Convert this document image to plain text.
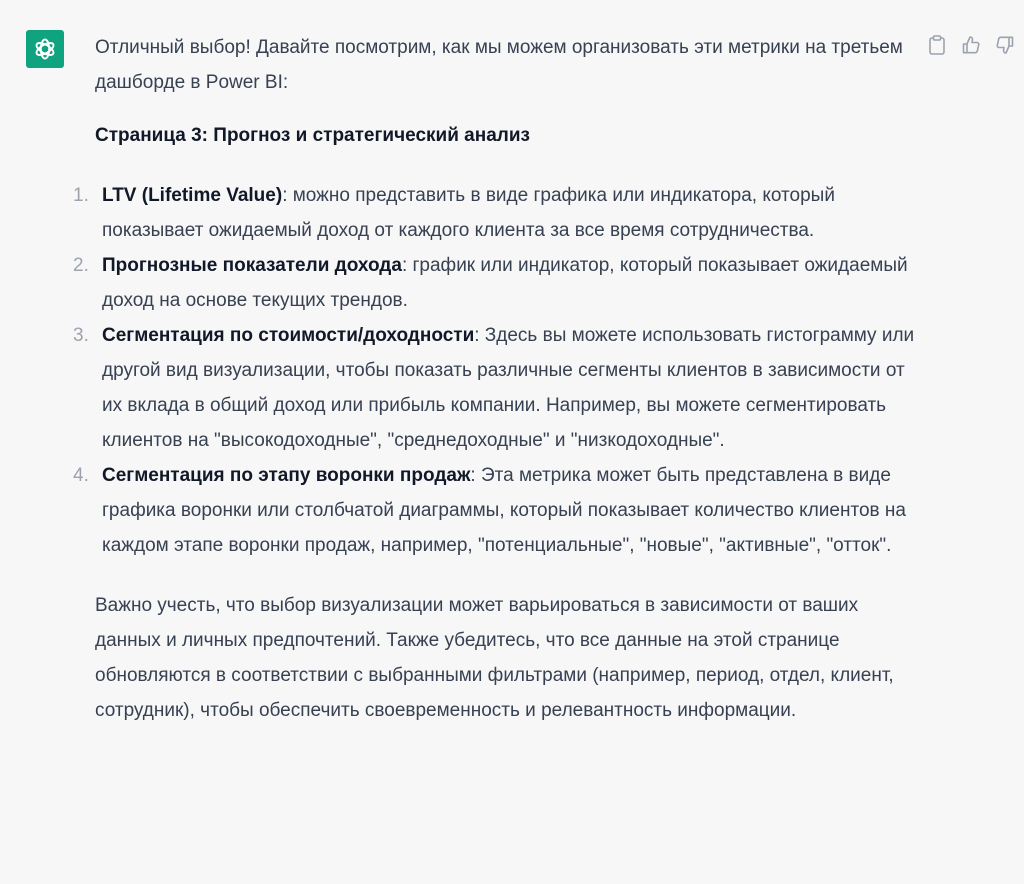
Отличный выбор! Давайте посмотрим, как мы можем организовать эти метрики на третьем дашборде в Power BI:

Страница 3: Прогноз и стратегический анализ

1. LTV (Lifetime Value): можно представить в виде графика или индикатора, который показывает ожидаемый доход от каждого клиента за все время сотрудничества.
2. Прогнозные показатели дохода: график или индикатор, который показывает ожидаемый доход на основе текущих трендов.
3. Сегментация по стоимости/доходности: Здесь вы можете использовать гистограмму или другой вид визуализации, чтобы показать различные сегменты клиентов в зависимости от их вклада в общий доход или прибыль компании. Например, вы можете сегментировать клиентов на "высокодоходные", "среднедоходные" и "низкодоходные".
4. Сегментация по этапу воронки продаж: Эта метрика может быть представлена в виде графика воронки или столбчатой диаграммы, который показывает количество клиентов на каждом этапе воронки продаж, например, "потенциальные", "новые", "активные", "отток".

Важно учесть, что выбор визуализации может варьироваться в зависимости от ваших данных и личных предпочтений. Также убедитесь, что все данные на этой странице обновляются в соответствии с выбранными фильтрами (например, период, отдел, клиент, сотрудник), чтобы обеспечить своевременность и релевантность информации.
